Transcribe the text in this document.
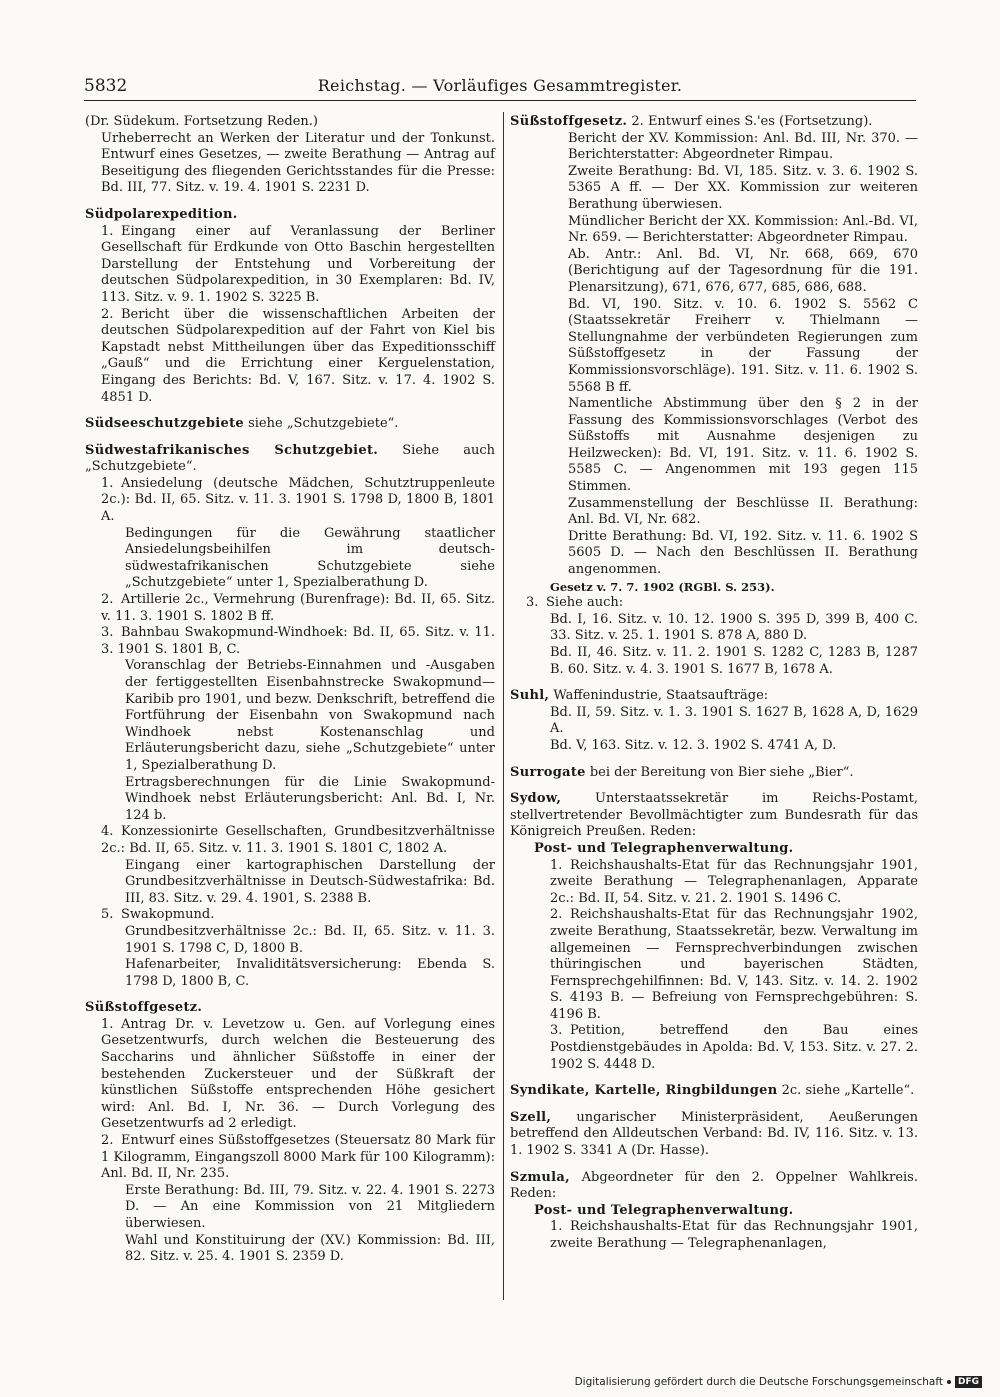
5832	Reichstag. — Vorläufiges Gesammtregister.

(Dr. Südekum. Fortsetzung Reden.)

Urheberrecht an Werken der Literatur und der Tonkunst. Entwurf eines Gesetzes, — zweite Berathung — Antrag auf Beseitigung des fliegenden Gerichtsstandes für die Presse: Bd. III, 77. Sitz. v. 19. 4. 1901 S. 2231 D.

Südpolarexpedition.

1. Eingang einer auf Veranlassung der Berliner Gesellschaft für Erdkunde von Otto Baschin hergestellten Darstellung der Entstehung und Vorbereitung der deutschen Südpolarexpedition, in 30 Exemplaren: Bd. IV, 113. Sitz. v. 9. 1. 1902 S. 3225 B.

2. Bericht über die wissenschaftlichen Arbeiten der deutschen Südpolarexpedition auf der Fahrt von Kiel bis Kapstadt nebst Mittheilungen über das Expeditionsschiff „Gauß“ und die Errichtung einer Kerguelenstation, Eingang des Berichts: Bd. V, 167. Sitz. v. 17. 4. 1902 S. 4851 D.

Südseeschutzgebiete siehe „Schutzgebiete“.

Südwestafrikanisches Schutzgebiet. Siehe auch „Schutzgebiete“.

1. Ansiedelung (deutsche Mädchen, Schutztruppenleute 2c.): Bd. II, 65. Sitz. v. 11. 3. 1901 S. 1798 D, 1800 B, 1801 A.

Bedingungen für die Gewährung staatlicher Ansiedelungsbeihilfen im deutsch-südwestafrikanischen Schutzgebiete siehe „Schutzgebiete“ unter 1, Spezialberathung D.

2. Artillerie 2c., Vermehrung (Burenfrage): Bd. II, 65. Sitz. v. 11. 3. 1901 S. 1802 B ff.

3. Bahnbau Swakopmund-Windhoek: Bd. II, 65. Sitz. v. 11. 3. 1901 S. 1801 B, C.

Voranschlag der Betriebs-Einnahmen und -Ausgaben der fertiggestellten Eisenbahnstrecke Swakopmund—Karibib pro 1901, und bezw. Denkschrift, betreffend die Fortführung der Eisenbahn von Swakopmund nach Windhoek nebst Kostenanschlag und Erläuterungsbericht dazu, siehe „Schutzgebiete“ unter 1, Spezialberathung D.

Ertragsberechnungen für die Linie Swakopmund-Windhoek nebst Erläuterungsbericht: Anl. Bd. I, Nr. 124 b.

4. Konzessionirte Gesellschaften, Grundbesitzverhältnisse 2c.: Bd. II, 65. Sitz. v. 11. 3. 1901 S. 1801 C, 1802 A.

Eingang einer kartographischen Darstellung der Grundbesitzverhältnisse in Deutsch-Südwestafrika: Bd. III, 83. Sitz. v. 29. 4. 1901, S. 2388 B.

5. Swakopmund.

Grundbesitzverhältnisse 2c.: Bd. II, 65. Sitz. v. 11. 3. 1901 S. 1798 C, D, 1800 B.

Hafenarbeiter, Invaliditätsversicherung: Ebenda S. 1798 D, 1800 B, C.

Süßstoffgesetz.

1. Antrag Dr. v. Levetzow u. Gen. auf Vorlegung eines Gesetzentwurfs, durch welchen die Besteuerung des Saccharins und ähnlicher Süßstoffe in einer der bestehenden Zuckersteuer und der Süßkraft der künstlichen Süßstoffe entsprechenden Höhe gesichert wird: Anl. Bd. I, Nr. 36. — Durch Vorlegung des Gesetzentwurfs ad 2 erledigt.

2. Entwurf eines Süßstoffgesetzes (Steuersatz 80 Mark für 1 Kilogramm, Eingangszoll 8000 Mark für 100 Kilogramm): Anl. Bd. II, Nr. 235.

Erste Berathung: Bd. III, 79. Sitz. v. 22. 4. 1901 S. 2273 D. — An eine Kommission von 21 Mitgliedern überwiesen.

Wahl und Konstituirung der (XV.) Kommission: Bd. III, 82. Sitz. v. 25. 4. 1901 S. 2359 D.

Süßstoffgesetz. 2. Entwurf eines S.'es (Fortsetzung).

Bericht der XV. Kommission: Anl. Bd. III, Nr. 370. — Berichterstatter: Abgeordneter Rimpau.

Zweite Berathung: Bd. VI, 185. Sitz. v. 3. 6. 1902 S. 5365 A ff. — Der XX. Kommission zur weiteren Berathung überwiesen.

Mündlicher Bericht der XX. Kommission: Anl.-Bd. VI, Nr. 659. — Berichterstatter: Abgeordneter Rimpau.

Ab. Antr.: Anl. Bd. VI, Nr. 668, 669, 670 (Berichtigung auf der Tagesordnung für die 191. Plenarsitzung), 671, 676, 677, 685, 686, 688.

Bd. VI, 190. Sitz. v. 10. 6. 1902 S. 5562 C (Staatssekretär Freiherr v. Thielmann — Stellungnahme der verbündeten Regierungen zum Süßstoffgesetz in der Fassung der Kommissionsvorschläge). 191. Sitz. v. 11. 6. 1902 S. 5568 B ff.

Namentliche Abstimmung über den § 2 in der Fassung des Kommissionsvorschlages (Verbot des Süßstoffs mit Ausnahme desjenigen zu Heilzwecken): Bd. VI, 191. Sitz. v. 11. 6. 1902 S. 5585 C. — Angenommen mit 193 gegen 115 Stimmen.

Zusammenstellung der Beschlüsse II. Berathung: Anl. Bd. VI, Nr. 682.

Dritte Berathung: Bd. VI, 192. Sitz. v. 11. 6. 1902 S 5605 D. — Nach den Beschlüssen II. Berathung angenommen.

Gesetz v. 7. 7. 1902 (RGBl. S. 253).

3. Siehe auch:

Bd. I, 16. Sitz. v. 10. 12. 1900 S. 395 D, 399 B, 400 C. 33. Sitz. v. 25. 1. 1901 S. 878 A, 880 D.

Bd. II, 46. Sitz. v. 11. 2. 1901 S. 1282 C, 1283 B, 1287 B. 60. Sitz. v. 4. 3. 1901 S. 1677 B, 1678 A.

Suhl, Waffenindustrie, Staatsaufträge:

Bd. II, 59. Sitz. v. 1. 3. 1901 S. 1627 B, 1628 A, D, 1629 A.

Bd. V, 163. Sitz. v. 12. 3. 1902 S. 4741 A, D.

Surrogate bei der Bereitung von Bier siehe „Bier“.

Sydow,	Unterstaatssekretär im Reichs-Postamt, stellvertretender Bevollmächtigter zum Bundesrath für das Königreich Preußen. Reden:

Post- und Telegraphenverwaltung.

1. Reichshaushalts-Etat für das Rechnungsjahr 1901, zweite Berathung — Telegraphenanlagen, Apparate 2c.: Bd. II, 54. Sitz. v. 21. 2. 1901 S. 1496 C.

2. Reichshaushalts-Etat für das Rechnungsjahr 1902, zweite Berathung, Staatssekretär, bezw. Verwaltung im allgemeinen — Fernsprechverbindungen zwischen thüringischen und bayerischen Städten, Fernsprechgehilfinnen: Bd. V, 143. Sitz. v. 14. 2. 1902 S. 4193 B. — Befreiung von Fernsprechgebühren: S. 4196 B.

3. Petition, betreffend den Bau eines Postdienstgebäudes in Apolda: Bd. V, 153. Sitz. v. 27. 2. 1902 S. 4448 D.

Syndikate, Kartelle, Ringbildungen 2c. siehe „Kartelle“.

Szell, ungarischer Ministerpräsident, Aeußerungen betreffend den Alldeutschen Verband: Bd. IV, 116. Sitz. v. 13. 1. 1902 S. 3341 A (Dr. Hasse).

Szmula, Abgeordneter für den 2. Oppelner Wahlkreis. Reden:

Post- und Telegraphenverwaltung.

1. Reichshaushalts-Etat für das Rechnungsjahr 1901, zweite Berathung — Telegraphenanlagen,

Digitalisierung gefördert durch die Deutsche Forschungsgemeinschaft	DFG
